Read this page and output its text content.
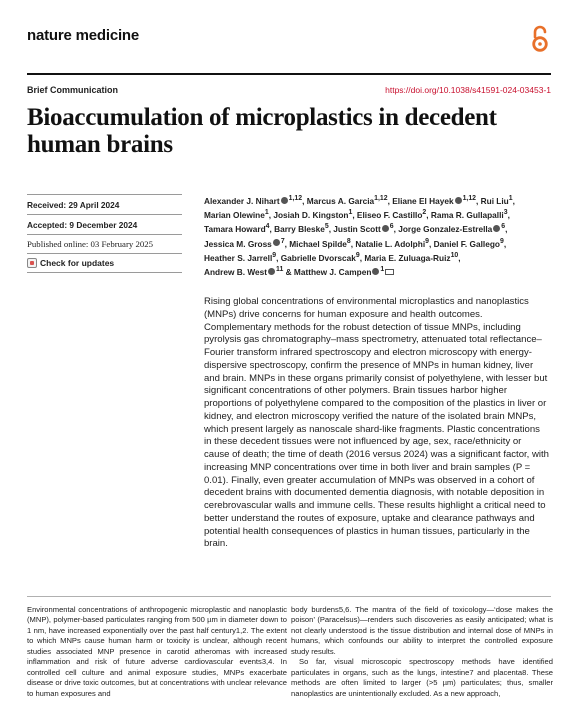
nature medicine
Brief Communication	https://doi.org/10.1038/s41591-024-03453-1
Bioaccumulation of microplastics in decedent human brains
Received: 29 April 2024
Accepted: 9 December 2024
Published online: 03 February 2025
Check for updates
Alexander J. Nihart $^{1,12}$, Marcus A. Garcia$^{1,12}$, Eliane El Hayek $^{1,12}$, Rui Liu$^1$,
Marian Olewine$^1$, Josiah D. Kingston$^1$, Eliseo F. Castillo$^2$, Rama R. Gullapalli$^3$,
Tamara Howard$^4$, Barry Bleske$^5$, Justin Scott $^6$, Jorge Gonzalez-Estrella $^6$,
Jessica M. Gross $^7$, Michael Spilde$^8$, Natalie L. Adolphi$^9$, Daniel F. Gallego$^9$,
Heather S. Jarrell$^9$, Gabrielle Dvorscak$^9$, Maria E. Zuluaga-Ruiz$^{10}$,
Andrew B. West $^{11}$ & Matthew J. Campen $^1$

Rising global concentrations of environmental microplastics and nanoplastics (MNPs) drive concerns for human exposure and health outcomes. Complementary methods for the robust detection of tissue MNPs, including pyrolysis gas chromatography–mass spectrometry, attenuated total reflectance–Fourier transform infrared spectroscopy and electron microscopy with energy-dispersive spectroscopy, confirm the presence of MNPs in human kidney, liver and brain. MNPs in these organs primarily consist of polyethylene, with lesser but significant concentrations of other polymers. Brain tissues harbor higher proportions of polyethylene compared to the composition of the plastics in liver or kidney, and electron microscopy verified the nature of the isolated brain MNPs, which present largely as nanoscale shard-like fragments. Plastic concentrations in these decedent tissues were not influenced by age, sex, race/ethnicity or cause of death; the time of death (2016 versus 2024) was a significant factor, with increasing MNP concentrations over time in both liver and brain samples (P = 0.01). Finally, even greater accumulation of MNPs was observed in a cohort of decedent brains with documented dementia diagnosis, with notable deposition in cerebrovascular walls and immune cells. These results highlight a critical need to better understand the routes of exposure, uptake and clearance pathways and potential health consequences of plastics in human tissues, particularly in the brain.

Environmental concentrations of anthropogenic microplastic and nanoplastic (MNP), polymer-based particulates ranging from 500 µm in diameter down to 1 nm, have increased exponentially over the past half century1,2. The extent to which MNPs cause human harm or toxicity is unclear, although recent studies associated MNP presence in carotid atheromas with increased inflammation and risk of future adverse cardiovascular events3,4. In controlled cell culture and animal exposure studies, MNPs exacerbate disease or drive toxic outcomes, but at concentrations with unclear relevance to human exposures and

body burdens5,6. The mantra of the field of toxicology—‘dose makes the poison’ (Paracelsus)—renders such discoveries as easily anticipated; what is not clearly understood is the tissue distribution and internal dose of MNPs in humans, which confounds our ability to interpret the controlled exposure study results.

So far, visual microscopic spectroscopy methods have identified particulates in organs, such as the lungs, intestine7 and placenta8. These methods are often limited to larger (>5 µm) particulates; thus, smaller nanoplastics are unintentionally excluded. As a new approach,
